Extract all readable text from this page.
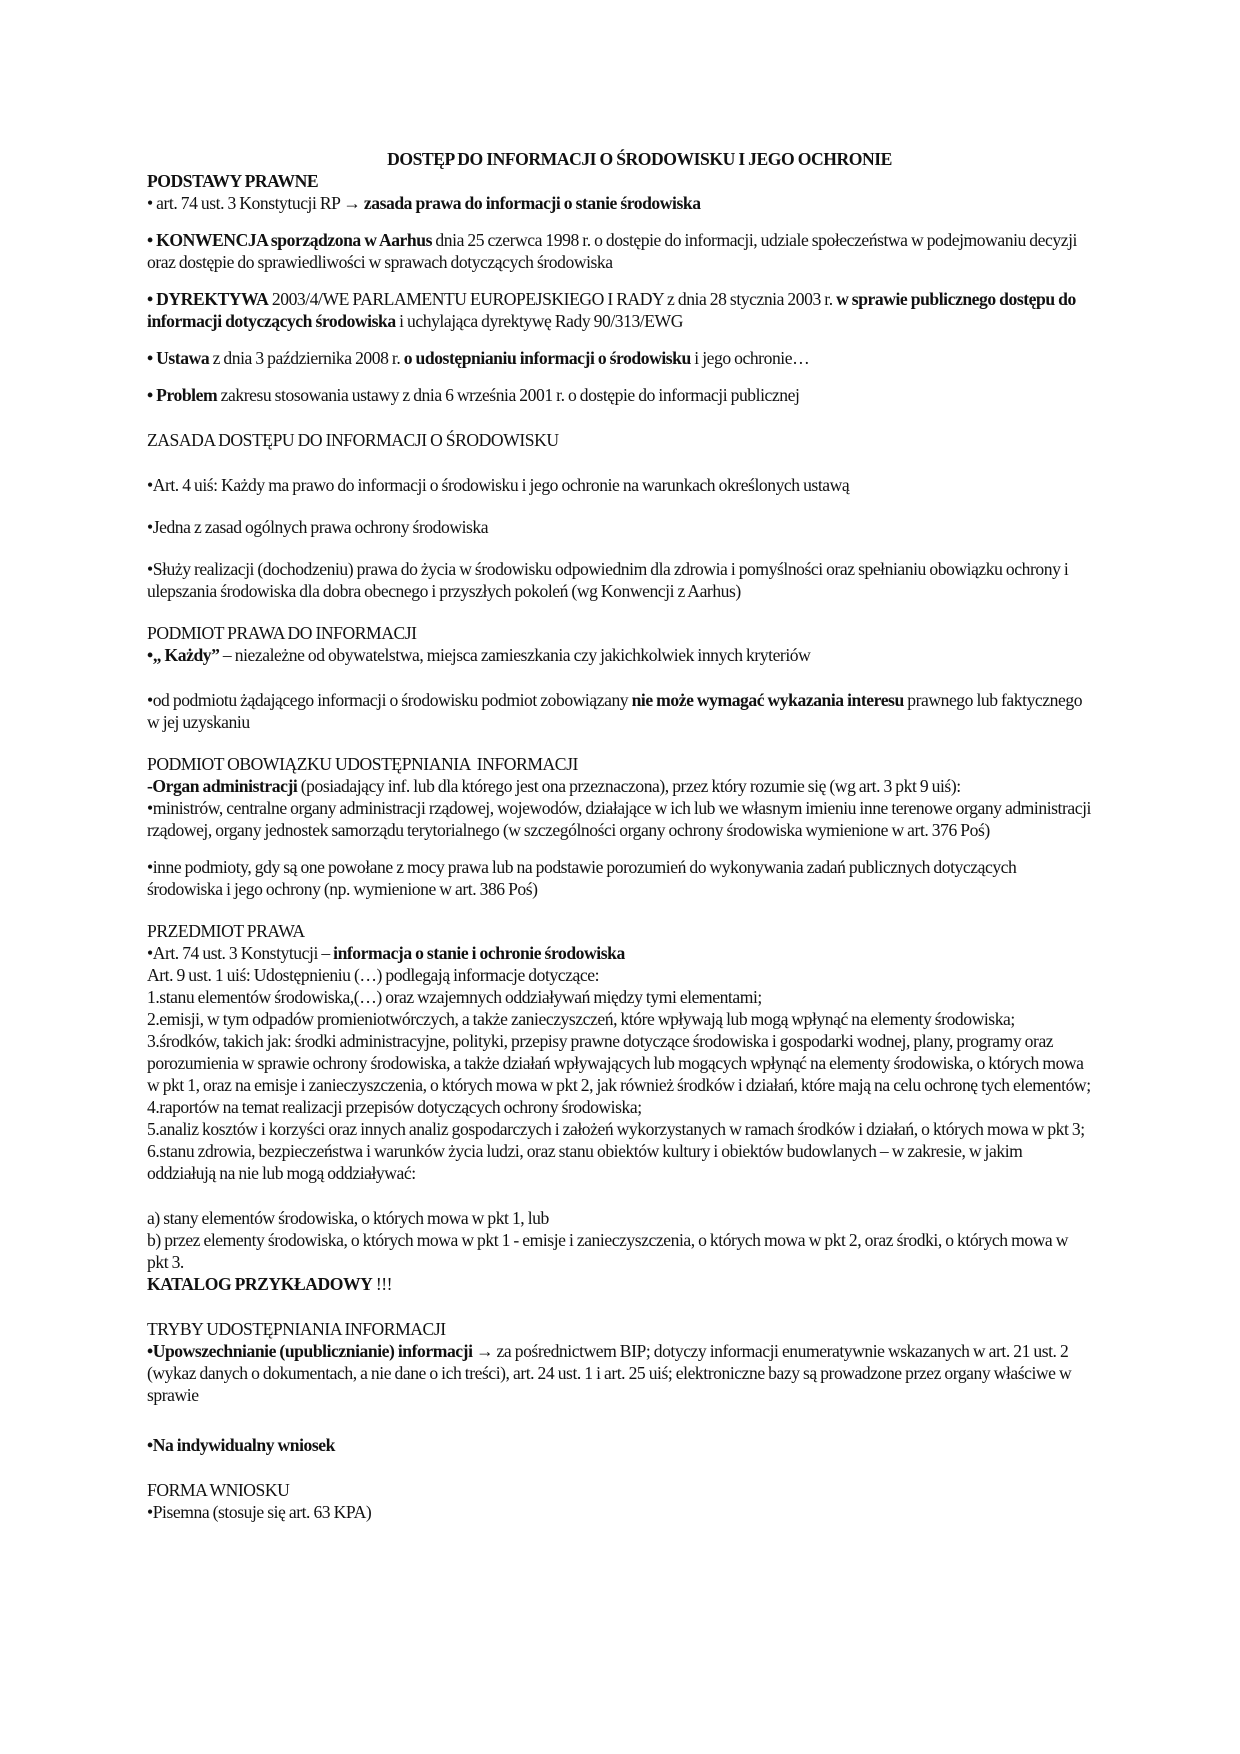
DOSTĘP DO INFORMACJI O ŚRODOWISKU I JEGO OCHRONIE

PODSTAWY PRAWNE

• art. 74 ust. 3 Konstytucji RP → zasada prawa do informacji o stanie środowiska

• KONWENCJA sporządzona w Aarhus dnia 25 czerwca 1998 r. o dostępie do informacji, udziale społeczeństwa w podejmowaniu decyzji oraz dostępie do sprawiedliwości w sprawach dotyczących środowiska

• DYREKTYWA 2003/4/WE PARLAMENTU EUROPEJSKIEGO I RADY z dnia 28 stycznia 2003 r. w sprawie publicznego dostępu do informacji dotyczących środowiska i uchylająca dyrektywę Rady 90/313/EWG

• Ustawa z dnia 3 października 2008 r. o udostępnianiu informacji o środowisku i jego ochronie…

• Problem zakresu stosowania ustawy z dnia 6 września 2001 r. o dostępie do informacji publicznej

ZASADA DOSTĘPU DO INFORMACJI O ŚRODOWISKU

•Art. 4 uiś: Każdy ma prawo do informacji o środowisku i jego ochronie na warunkach określonych ustawą

•Jedna z zasad ogólnych prawa ochrony środowiska

•Służy realizacji (dochodzeniu) prawa do życia w środowisku odpowiednim dla zdrowia i pomyślności oraz spełnianiu obowiązku ochrony i ulepszania środowiska dla dobra obecnego i przyszłych pokoleń (wg Konwencji z Aarhus)

PODMIOT PRAWA DO INFORMACJI

•„ Każdy” – niezależne od obywatelstwa, miejsca zamieszkania czy jakichkolwiek innych kryteriów

•od podmiotu żądającego informacji o środowisku podmiot zobowiązany nie może wymagać wykazania interesu prawnego lub faktycznego w jej uzyskaniu

PODMIOT OBOWIĄZKU UDOSTĘPNIANIA  INFORMACJI

-Organ administracji (posiadający inf. lub dla którego jest ona przeznaczona), przez który rozumie się (wg art. 3 pkt 9 uiś):

•ministrów, centralne organy administracji rządowej, wojewodów, działające w ich lub we własnym imieniu inne terenowe organy administracji rządowej, organy jednostek samorządu terytorialnego (w szczególności organy ochrony środowiska wymienione w art. 376 Poś)

•inne podmioty, gdy są one powołane z mocy prawa lub na podstawie porozumień do wykonywania zadań publicznych dotyczących środowiska i jego ochrony (np. wymienione w art. 386 Poś)

PRZEDMIOT PRAWA

•Art. 74 ust. 3 Konstytucji – informacja o stanie i ochronie środowiska

Art. 9 ust. 1 uiś: Udostępnieniu (…) podlegają informacje dotyczące:

1.stanu elementów środowiska,(…) oraz wzajemnych oddziaływań między tymi elementami;

2.emisji, w tym odpadów promieniotwórczych, a także zanieczyszczeń, które wpływają lub mogą wpłynąć na elementy środowiska;

3.środków, takich jak: środki administracyjne, polityki, przepisy prawne dotyczące środowiska i gospodarki wodnej, plany, programy oraz porozumienia w sprawie ochrony środowiska, a także działań wpływających lub mogących wpłynąć na elementy środowiska, o których mowa w pkt 1, oraz na emisje i zanieczyszczenia, o których mowa w pkt 2, jak również środków i działań, które mają na celu ochronę tych elementów;

4.raportów na temat realizacji przepisów dotyczących ochrony środowiska;

5.analiz kosztów i korzyści oraz innych analiz gospodarczych i założeń wykorzystanych w ramach środków i działań, o których mowa w pkt 3;

6.stanu zdrowia, bezpieczeństwa i warunków życia ludzi, oraz stanu obiektów kultury i obiektów budowlanych – w zakresie, w jakim oddziałują na nie lub mogą oddziaływać:

a) stany elementów środowiska, o których mowa w pkt 1, lub

b) przez elementy środowiska, o których mowa w pkt 1 - emisje i zanieczyszczenia, o których mowa w pkt 2, oraz środki, o których mowa w pkt 3.

KATALOG PRZYKŁADOWY !!!

TRYBY UDOSTĘPNIANIA INFORMACJI

•Upowszechnianie (upublicznianie) informacji → za pośrednictwem BIP; dotyczy informacji enumeratywnie wskazanych w art. 21 ust. 2 (wykaz danych o dokumentach, a nie dane o ich treści), art. 24 ust. 1 i art. 25 uiś; elektroniczne bazy są prowadzone przez organy właściwe w sprawie

•Na indywidualny wniosek

FORMA WNIOSKU

•Pisemna (stosuje się art. 63 KPA)
